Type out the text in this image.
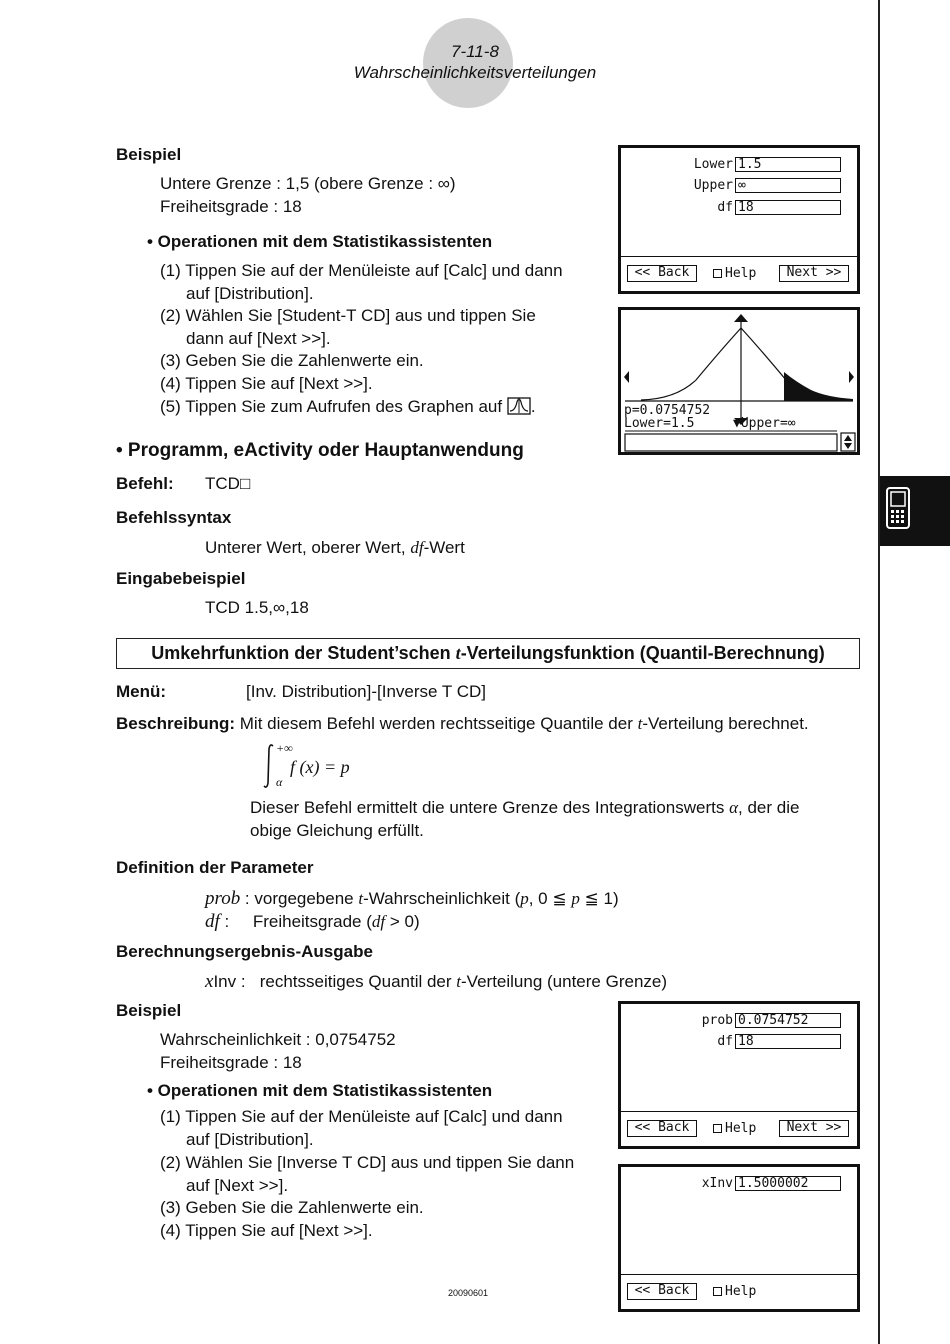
7-11-8
Wahrscheinlichkeitsverteilungen
Beispiel
Untere Grenze : 1,5 (obere Grenze : ∞)
Freiheitsgrade : 18
• Operationen mit dem Statistikassistenten
(1) Tippen Sie auf der Menüleiste auf [Calc] und dann
auf [Distribution].
(2) Wählen Sie [Student-T CD] aus und tippen Sie
dann auf [Next >>].
(3) Geben Sie die Zahlenwerte ein.
(4) Tippen Sie auf [Next >>].
(5) Tippen Sie zum Aufrufen des Graphen auf .
Lower 1.5
Upper ∞
df 18
<< Back	Help	Next >>
p=0.0754752
Lower=1.5	▼Upper=∞
• Programm, eActivity oder Hauptanwendung
Befehl: TCD□
Befehlssyntax
Unterer Wert, oberer Wert, df-Wert
Eingabebeispiel
TCD 1.5,∞,18
Umkehrfunktion der Student’schen t-Verteilungsfunktion (Quantil-Berechnung)
Menü:	[Inv. Distribution]-[Inverse T CD]
Beschreibung: Mit diesem Befehl werden rechtsseitige Quantile der t-Verteilung berechnet.
+∞
α
f (x) = p
Dieser Befehl ermittelt die untere Grenze des Integrationswerts α, der die
obige Gleichung erfüllt.
Definition der Parameter
prob : vorgegebene t-Wahrscheinlichkeit (p, 0 ≦ p ≦ 1)
df :     Freiheitsgrade (df > 0)
Berechnungsergebnis-Ausgabe
xInv :   rechtsseitiges Quantil der t-Verteilung (untere Grenze)
Beispiel
Wahrscheinlichkeit : 0,0754752
Freiheitsgrade : 18
• Operationen mit dem Statistikassistenten
(1) Tippen Sie auf der Menüleiste auf [Calc] und dann
auf [Distribution].
(2) Wählen Sie [Inverse T CD] aus und tippen Sie dann
auf [Next >>].
(3) Geben Sie die Zahlenwerte ein.
(4) Tippen Sie auf [Next >>].
prob 0.0754752
df 18
<< Back	Help	Next >>
xInv 1.5000002
<< Back	Help
20090601
